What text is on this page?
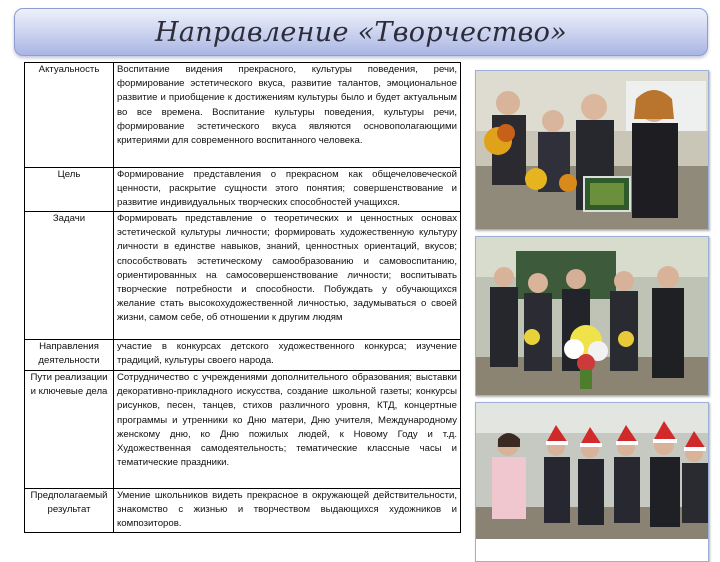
Направление «Творчество»
Актуальность	Воспитание видения прекрасного, культуры поведения, речи, формирование эстетического вкуса, развитие талантов, эмоциональное развитие и приобщение к достижениям культуры было и будет актуальным во все времена. Воспитание культуры поведения, культуры речи, формирование эстетического вкуса являются основополагающими критериями для современного воспитанного человека.
Цель	Формирование представления о прекрасном как общечеловеческой ценности, раскрытие сущности этого понятия; совершенствование и развитие индивидуальных творческих способностей учащихся.
Задачи	Формировать представление о теоретических и ценностных основах эстетической культуры личности; формировать художественную культуру личности в единстве навыков, знаний, ценностных ориентаций, вкусов; способствовать эстетическому самообразованию и самовоспитанию, ориентированных на самосовершенствование личности; воспитывать творческие потребности и способности. Побуждать у обучающихся желание стать высокохудожественной личностью, задумываться о своей жизни, самом себе, об отношении к другим людям
Направления деятельности	участие в конкурсах детского художественного конкурса; изучение традиций, культуры своего народа.
Пути реализации и ключевые дела	Сотрудничество с учреждениями дополнительного образования; выставки декоративно-прикладного искусства, создание школьной газеты; конкурсы рисунков, песен, танцев, стихов различного уровня, КТД, концертные программы и утренники ко Дню матери, Дню учителя, Международному женскому дню, ко Дню пожилых людей, к Новому Году и т.д. Художественная самодеятельность; тематические классные часы и тематические праздники.
Предполагаемый результат	Умение школьников видеть прекрасное в окружающей действительности, знакомство с жизнью и творчеством выдающихся художников и композиторов.
